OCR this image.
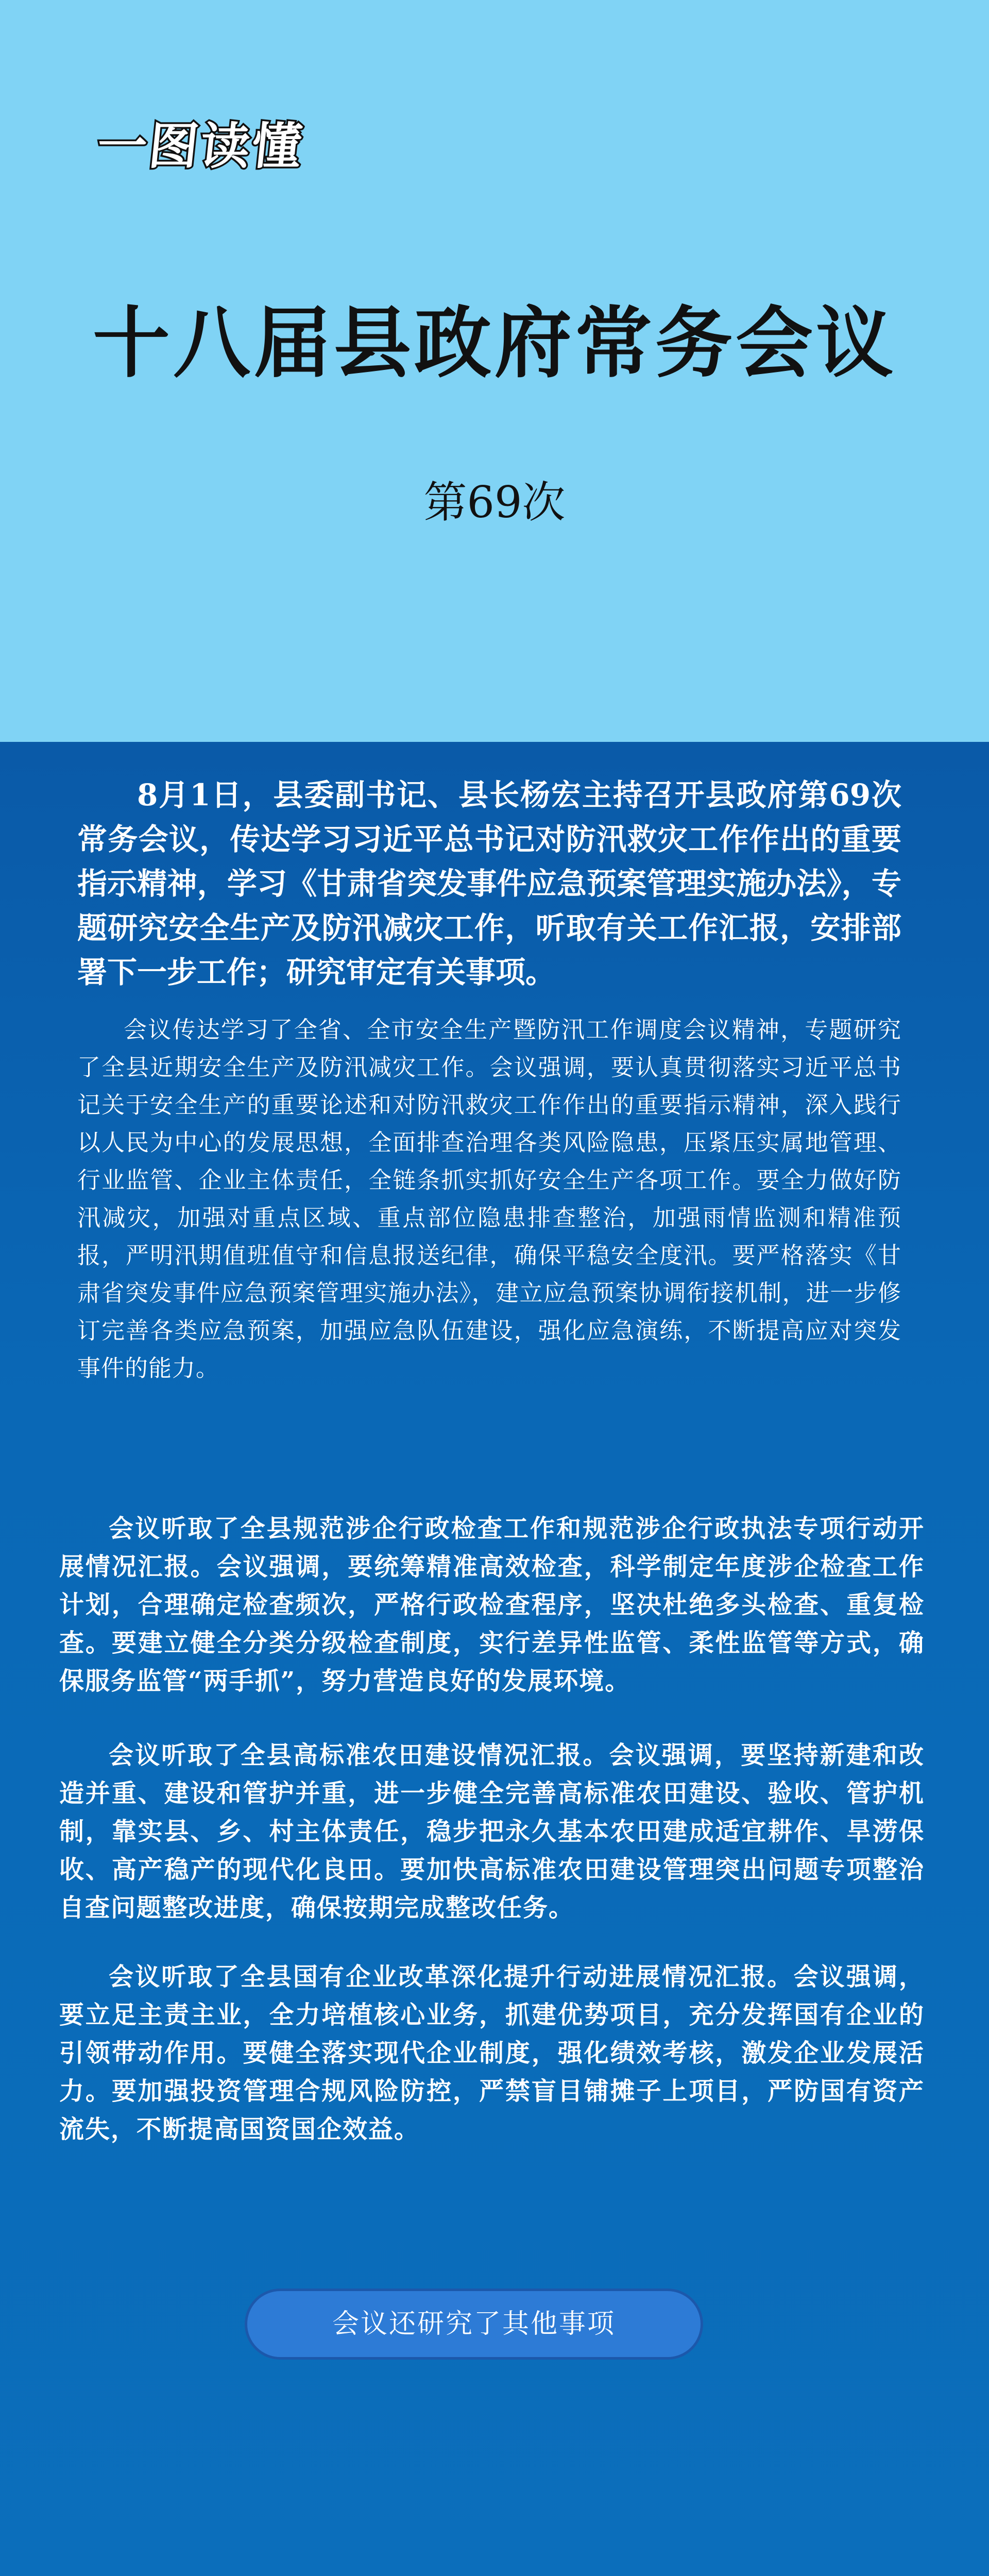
一图读懂
十八届县政府常务会议
第69次

8月1日，县委副书记、县长杨宏主持召开县政府第69次常务会议，传达学习习近平总书记对防汛救灾工作作出的重要指示精神，学习《甘肃省突发事件应急预案管理实施办法》，专题研究安全生产及防汛减灾工作，听取有关工作汇报，安排部署下一步工作；研究审定有关事项。

会议传达学习了全省、全市安全生产暨防汛工作调度会议精神，专题研究了全县近期安全生产及防汛减灾工作。会议强调，要认真贯彻落实习近平总书记关于安全生产的重要论述和对防汛救灾工作作出的重要指示精神，深入践行以人民为中心的发展思想，全面排查治理各类风险隐患，压紧压实属地管理、行业监管、企业主体责任，全链条抓实抓好安全生产各项工作。要全力做好防汛减灾，加强对重点区域、重点部位隐患排查整治，加强雨情监测和精准预报，严明汛期值班值守和信息报送纪律，确保平稳安全度汛。要严格落实《甘肃省突发事件应急预案管理实施办法》，建立应急预案协调衔接机制，进一步修订完善各类应急预案，加强应急队伍建设，强化应急演练，不断提高应对突发事件的能力。

会议听取了全县规范涉企行政检查工作和规范涉企行政执法专项行动开展情况汇报。会议强调，要统筹精准高效检查，科学制定年度涉企检查工作计划，合理确定检查频次，严格行政检查程序，坚决杜绝多头检查、重复检查。要建立健全分类分级检查制度，实行差异性监管、柔性监管等方式，确保服务监管“两手抓”，努力营造良好的发展环境。

会议听取了全县高标准农田建设情况汇报。会议强调，要坚持新建和改造并重、建设和管护并重，进一步健全完善高标准农田建设、验收、管护机制，靠实县、乡、村主体责任，稳步把永久基本农田建成适宜耕作、旱涝保收、高产稳产的现代化良田。要加快高标准农田建设管理突出问题专项整治自查问题整改进度，确保按期完成整改任务。

会议听取了全县国有企业改革深化提升行动进展情况汇报。会议强调，要立足主责主业，全力培植核心业务，抓建优势项目，充分发挥国有企业的引领带动作用。要健全落实现代企业制度，强化绩效考核，激发企业发展活力。要加强投资管理合规风险防控，严禁盲目铺摊子上项目，严防国有资产流失，不断提高国资国企效益。

会议还研究了其他事项
